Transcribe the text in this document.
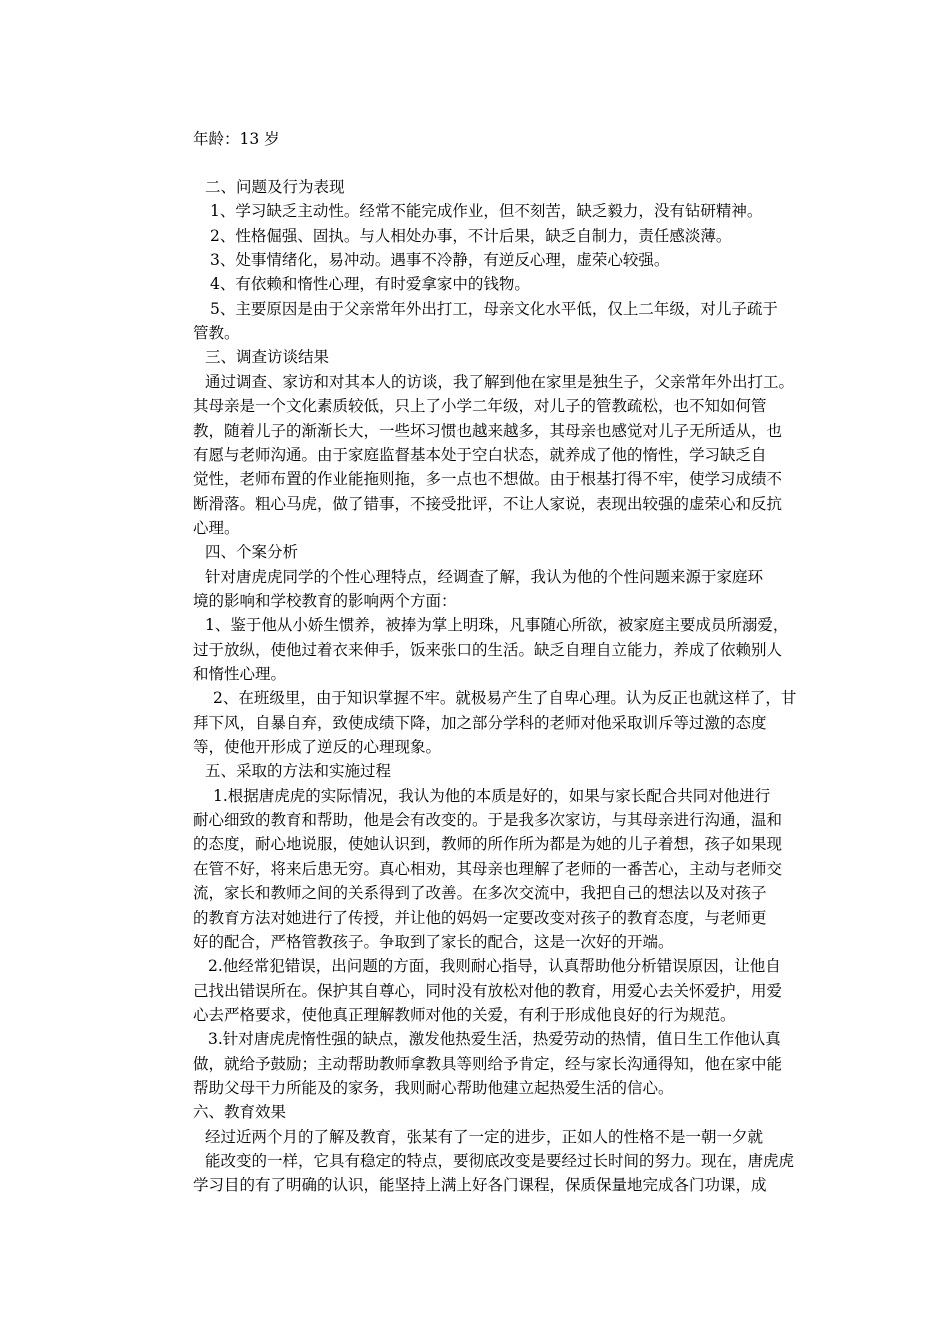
年龄：13 岁
二、问题及行为表现
1、学习缺乏主动性。经常不能完成作业，但不刻苦，缺乏毅力，没有钻研精神。
2、性格倔强、固执。与人相处办事，不计后果，缺乏自制力，责任感淡薄。
3、处事情绪化，易冲动。遇事不冷静，有逆反心理，虚荣心较强。
4、有依赖和惰性心理，有时爱拿家中的钱物。
5、主要原因是由于父亲常年外出打工，母亲文化水平低，仅上二年级，对儿子疏于
管教。
三、调查访谈结果
通过调查、家访和对其本人的访谈，我了解到他在家里是独生子，父亲常年外出打工。
其母亲是一个文化素质较低，只上了小学二年级，对儿子的管教疏松，也不知如何管
教，随着儿子的渐渐长大，一些坏习惯也越来越多，其母亲也感觉对儿子无所适从，也
有愿与老师沟通。由于家庭监督基本处于空白状态，就养成了他的惰性，学习缺乏自
觉性，老师布置的作业能拖则拖，多一点也不想做。由于根基打得不牢，使学习成绩不
断滑落。粗心马虎，做了错事，不接受批评，不让人家说，表现出较强的虚荣心和反抗
心理。
四、个案分析
针对唐虎虎同学的个性心理特点，经调查了解，我认为他的个性问题来源于家庭环
境的影响和学校教育的影响两个方面：
1、鉴于他从小娇生惯养，被捧为掌上明珠，凡事随心所欲，被家庭主要成员所溺爱，
过于放纵，使他过着衣来伸手，饭来张口的生活。缺乏自理自立能力，养成了依赖别人
和惰性心理。
2、在班级里，由于知识掌握不牢。就极易产生了自卑心理。认为反正也就这样了，甘
拜下风，自暴自弃，致使成绩下降，加之部分学科的老师对他采取训斥等过激的态度
等，使他开形成了逆反的心理现象。
五、采取的方法和实施过程
1.根据唐虎虎的实际情况，我认为他的本质是好的，如果与家长配合共同对他进行
耐心细致的教育和帮助，他是会有改变的。于是我多次家访，与其母亲进行沟通，温和
的态度，耐心地说服，使她认识到，教师的所作所为都是为她的儿子着想，孩子如果现
在管不好，将来后患无穷。真心相劝，其母亲也理解了老师的一番苦心，主动与老师交
流，家长和教师之间的关系得到了改善。在多次交流中，我把自己的想法以及对孩子
的教育方法对她进行了传授，并让他的妈妈一定要改变对孩子的教育态度，与老师更
好的配合，严格管教孩子。争取到了家长的配合，这是一次好的开端。
2.他经常犯错误，出问题的方面，我则耐心指导，认真帮助他分析错误原因，让他自
己找出错误所在。保护其自尊心，同时没有放松对他的教育，用爱心去关怀爱护，用爱
心去严格要求，使他真正理解教师对他的关爱，有利于形成他良好的行为规范。
3.针对唐虎虎惰性强的缺点，激发他热爱生活，热爱劳动的热情，值日生工作他认真
做，就给予鼓励；主动帮助教师拿教具等则给予肯定，经与家长沟通得知，他在家中能
帮助父母干力所能及的家务，我则耐心帮助他建立起热爱生活的信心。
六、教育效果
经过近两个月的了解及教育，张某有了一定的进步，正如人的性格不是一朝一夕就
能改变的一样，它具有稳定的特点，要彻底改变是要经过长时间的努力。现在，唐虎虎
学习目的有了明确的认识，能坚持上满上好各门课程，保质保量地完成各门功课，成
